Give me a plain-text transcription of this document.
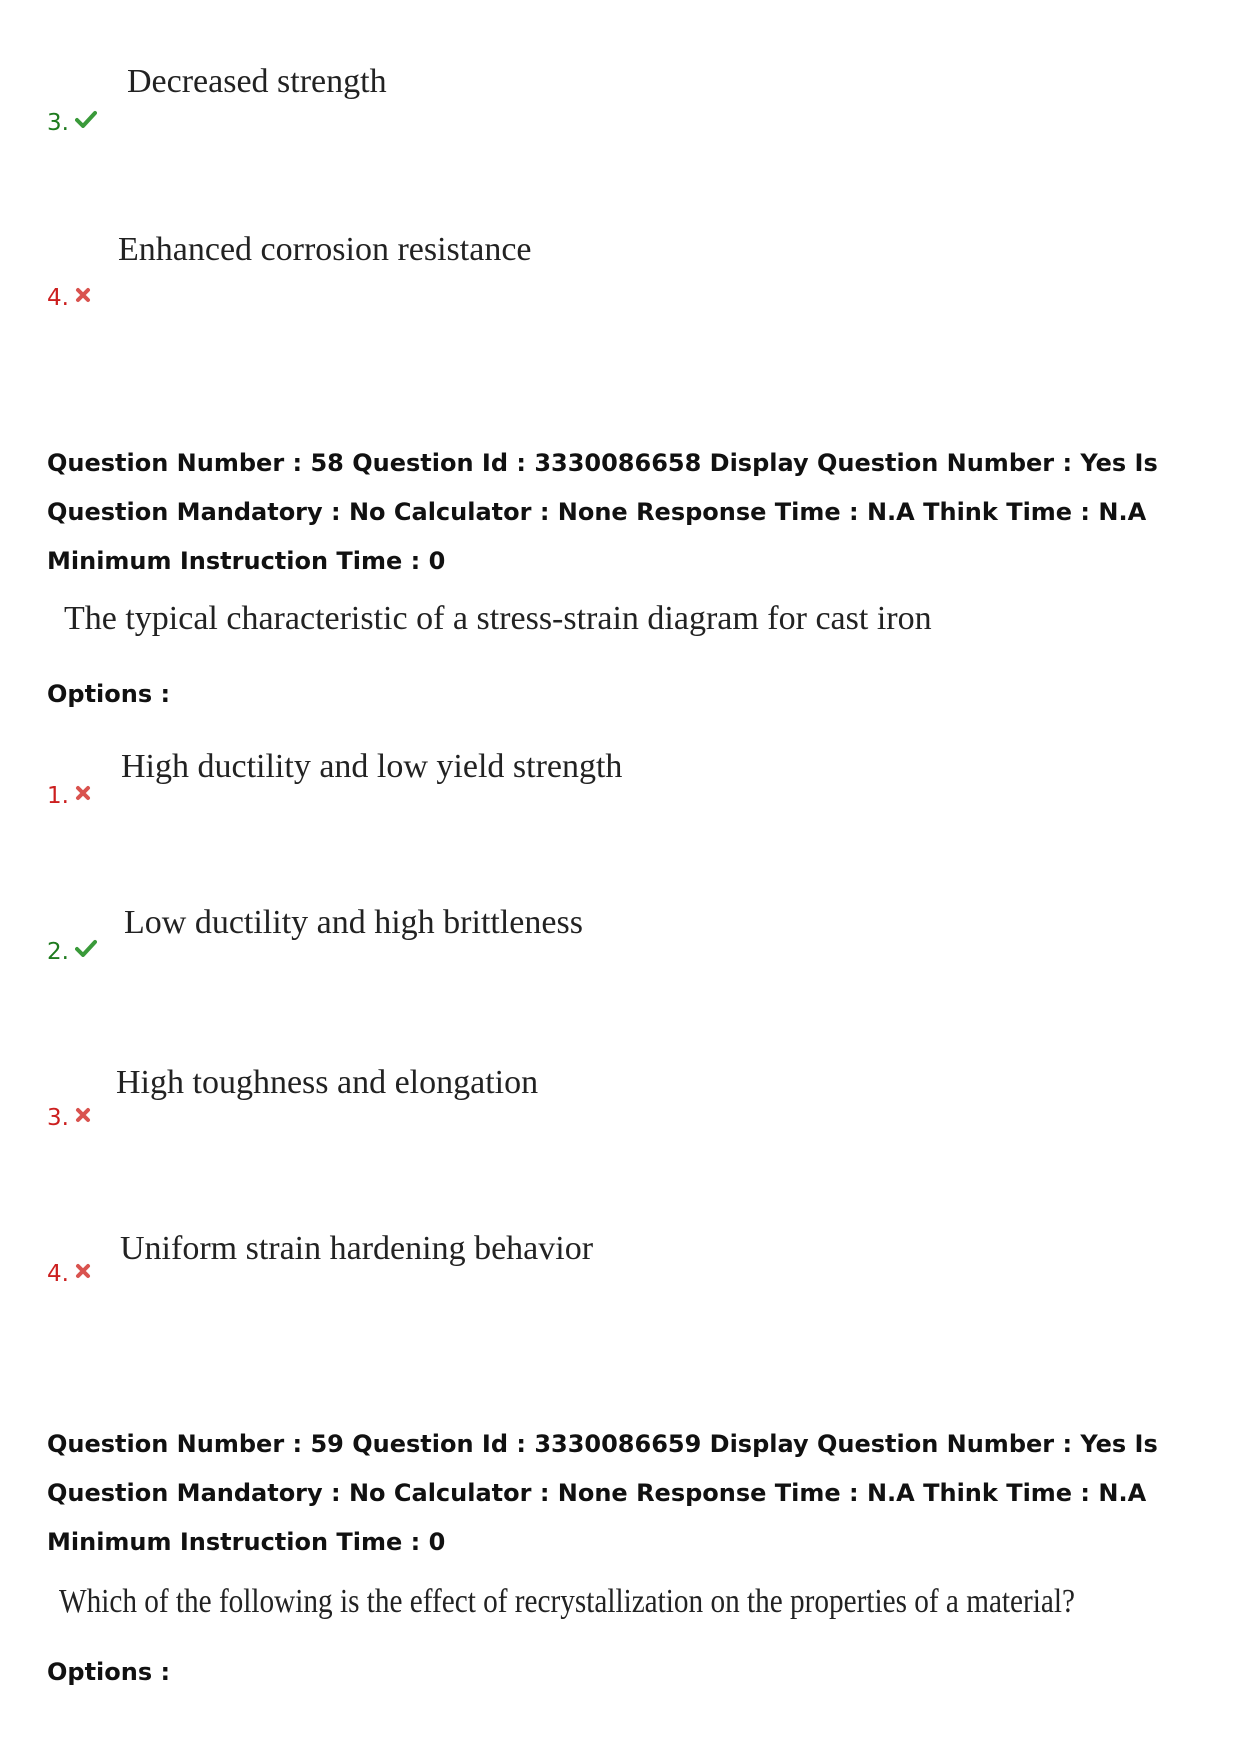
Decreased strength
3.
Enhanced corrosion resistance
4.
Question Number : 58 Question Id : 3330086658 Display Question Number : Yes Is Question Mandatory : No Calculator : None Response Time : N.A Think Time : N.A Minimum Instruction Time : 0
The typical characteristic of a stress-strain diagram for cast iron
Options :
High ductility and low yield strength
1.
Low ductility and high brittleness
2.
High toughness and elongation
3.
Uniform strain hardening behavior
4.
Question Number : 59 Question Id : 3330086659 Display Question Number : Yes Is Question Mandatory : No Calculator : None Response Time : N.A Think Time : N.A Minimum Instruction Time : 0
Which of the following is the effect of recrystallization on the properties of a material?
Options :
